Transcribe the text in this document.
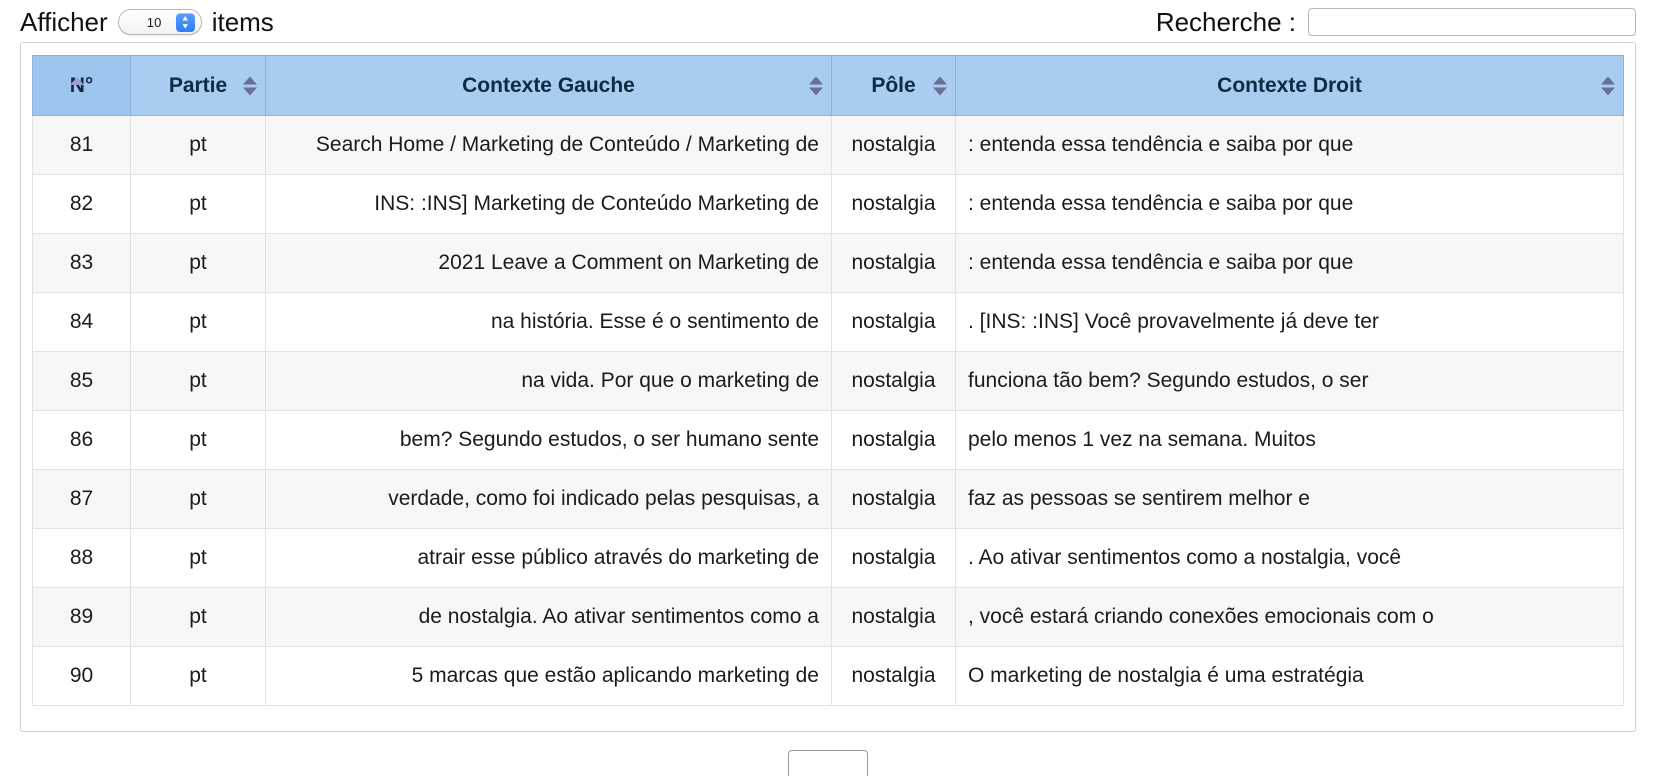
Afficher	10	▲
▼ items	Recherche :
N°	Partie	Contexte Gauche	Pôle	Contexte Droit

81	pt	Search Home / Marketing de Conteúdo / Marketing de	nostalgia	: entenda essa tendência e saiba por que
82	pt	INS: :INS] Marketing de Conteúdo Marketing de	nostalgia	: entenda essa tendência e saiba por que
83	pt	2021 Leave a Comment on Marketing de	nostalgia	: entenda essa tendência e saiba por que
84	pt	na história. Esse é o sentimento de	nostalgia	. [INS: :INS] Você provavelmente já deve ter
85	pt	na vida. Por que o marketing de	nostalgia	funciona tão bem? Segundo estudos, o ser
86	pt	bem? Segundo estudos, o ser humano sente	nostalgia	pelo menos 1 vez na semana. Muitos
87	pt	verdade, como foi indicado pelas pesquisas, a	nostalgia	faz as pessoas se sentirem melhor e
88	pt	atrair esse público através do marketing de	nostalgia	. Ao ativar sentimentos como a nostalgia, você
89	pt	de nostalgia. Ao ativar sentimentos como a	nostalgia	, você estará criando conexões emocionais com o
90	pt	5 marcas que estão aplicando marketing de	nostalgia	O marketing de nostalgia é uma estratégia
